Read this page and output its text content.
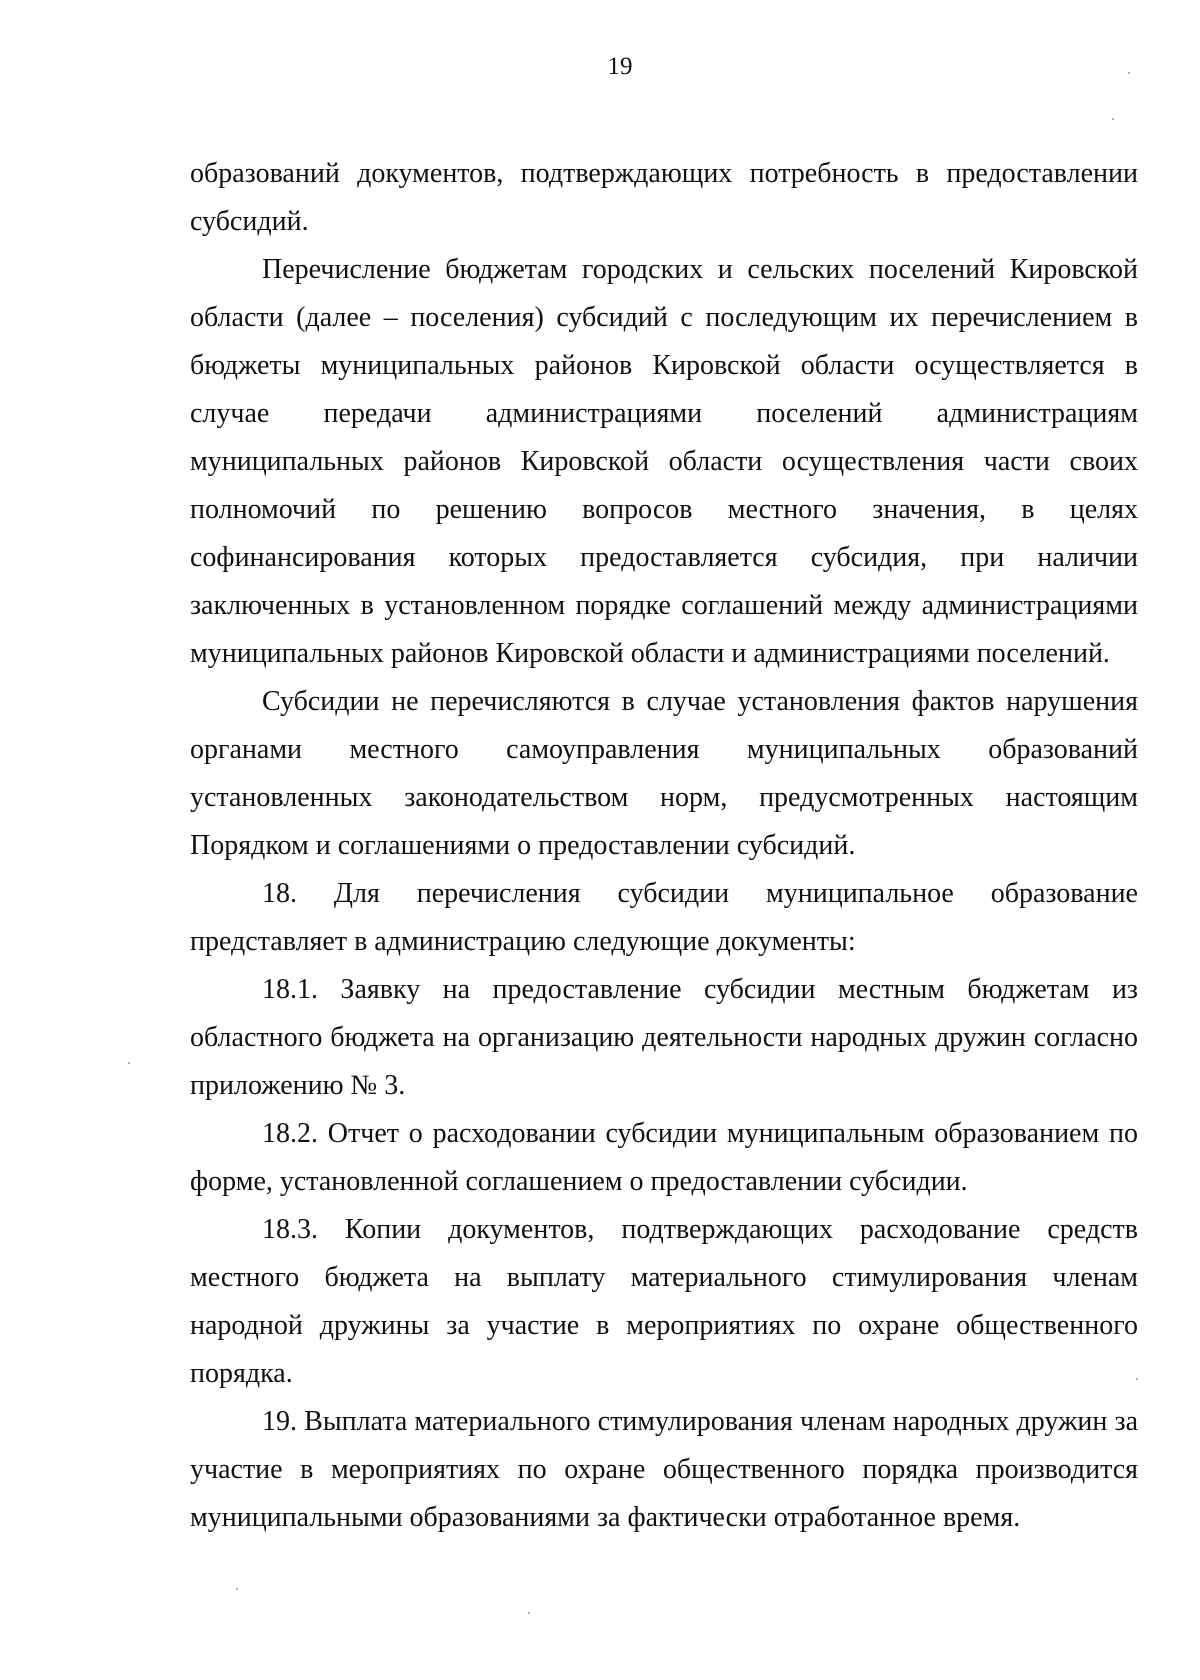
19

образований документов, подтверждающих потребность в предоставлении субсидий.

Перечисление бюджетам городских и сельских поселений Кировской области (далее – поселения) субсидий с последующим их перечислением в бюджеты муниципальных районов Кировской области осуществляется в случае передачи администрациями поселений администрациям муниципальных районов Кировской области осуществления части своих полномочий по решению вопросов местного значения, в целях софинансирования которых предоставляется субсидия, при наличии заключенных в установленном порядке соглашений между администрациями муниципальных районов Кировской области и администрациями поселений.

Субсидии не перечисляются в случае установления фактов нарушения органами местного самоуправления муниципальных образований установленных законодательством норм, предусмотренных настоящим Порядком и соглашениями о предоставлении субсидий.

18. Для перечисления субсидии муниципальное образование представляет в администрацию следующие документы:

18.1. Заявку на предоставление субсидии местным бюджетам из областного бюджета на организацию деятельности народных дружин согласно приложению № 3.

18.2. Отчет о расходовании субсидии муниципальным образованием по форме, установленной соглашением о предоставлении субсидии.

18.3. Копии документов, подтверждающих расходование средств местного бюджета на выплату материального стимулирования членам народной дружины за участие в мероприятиях по охране общественного порядка.

19. Выплата материального стимулирования членам народных дружин за участие в мероприятиях по охране общественного порядка производится муниципальными образованиями за фактически отработанное время.
